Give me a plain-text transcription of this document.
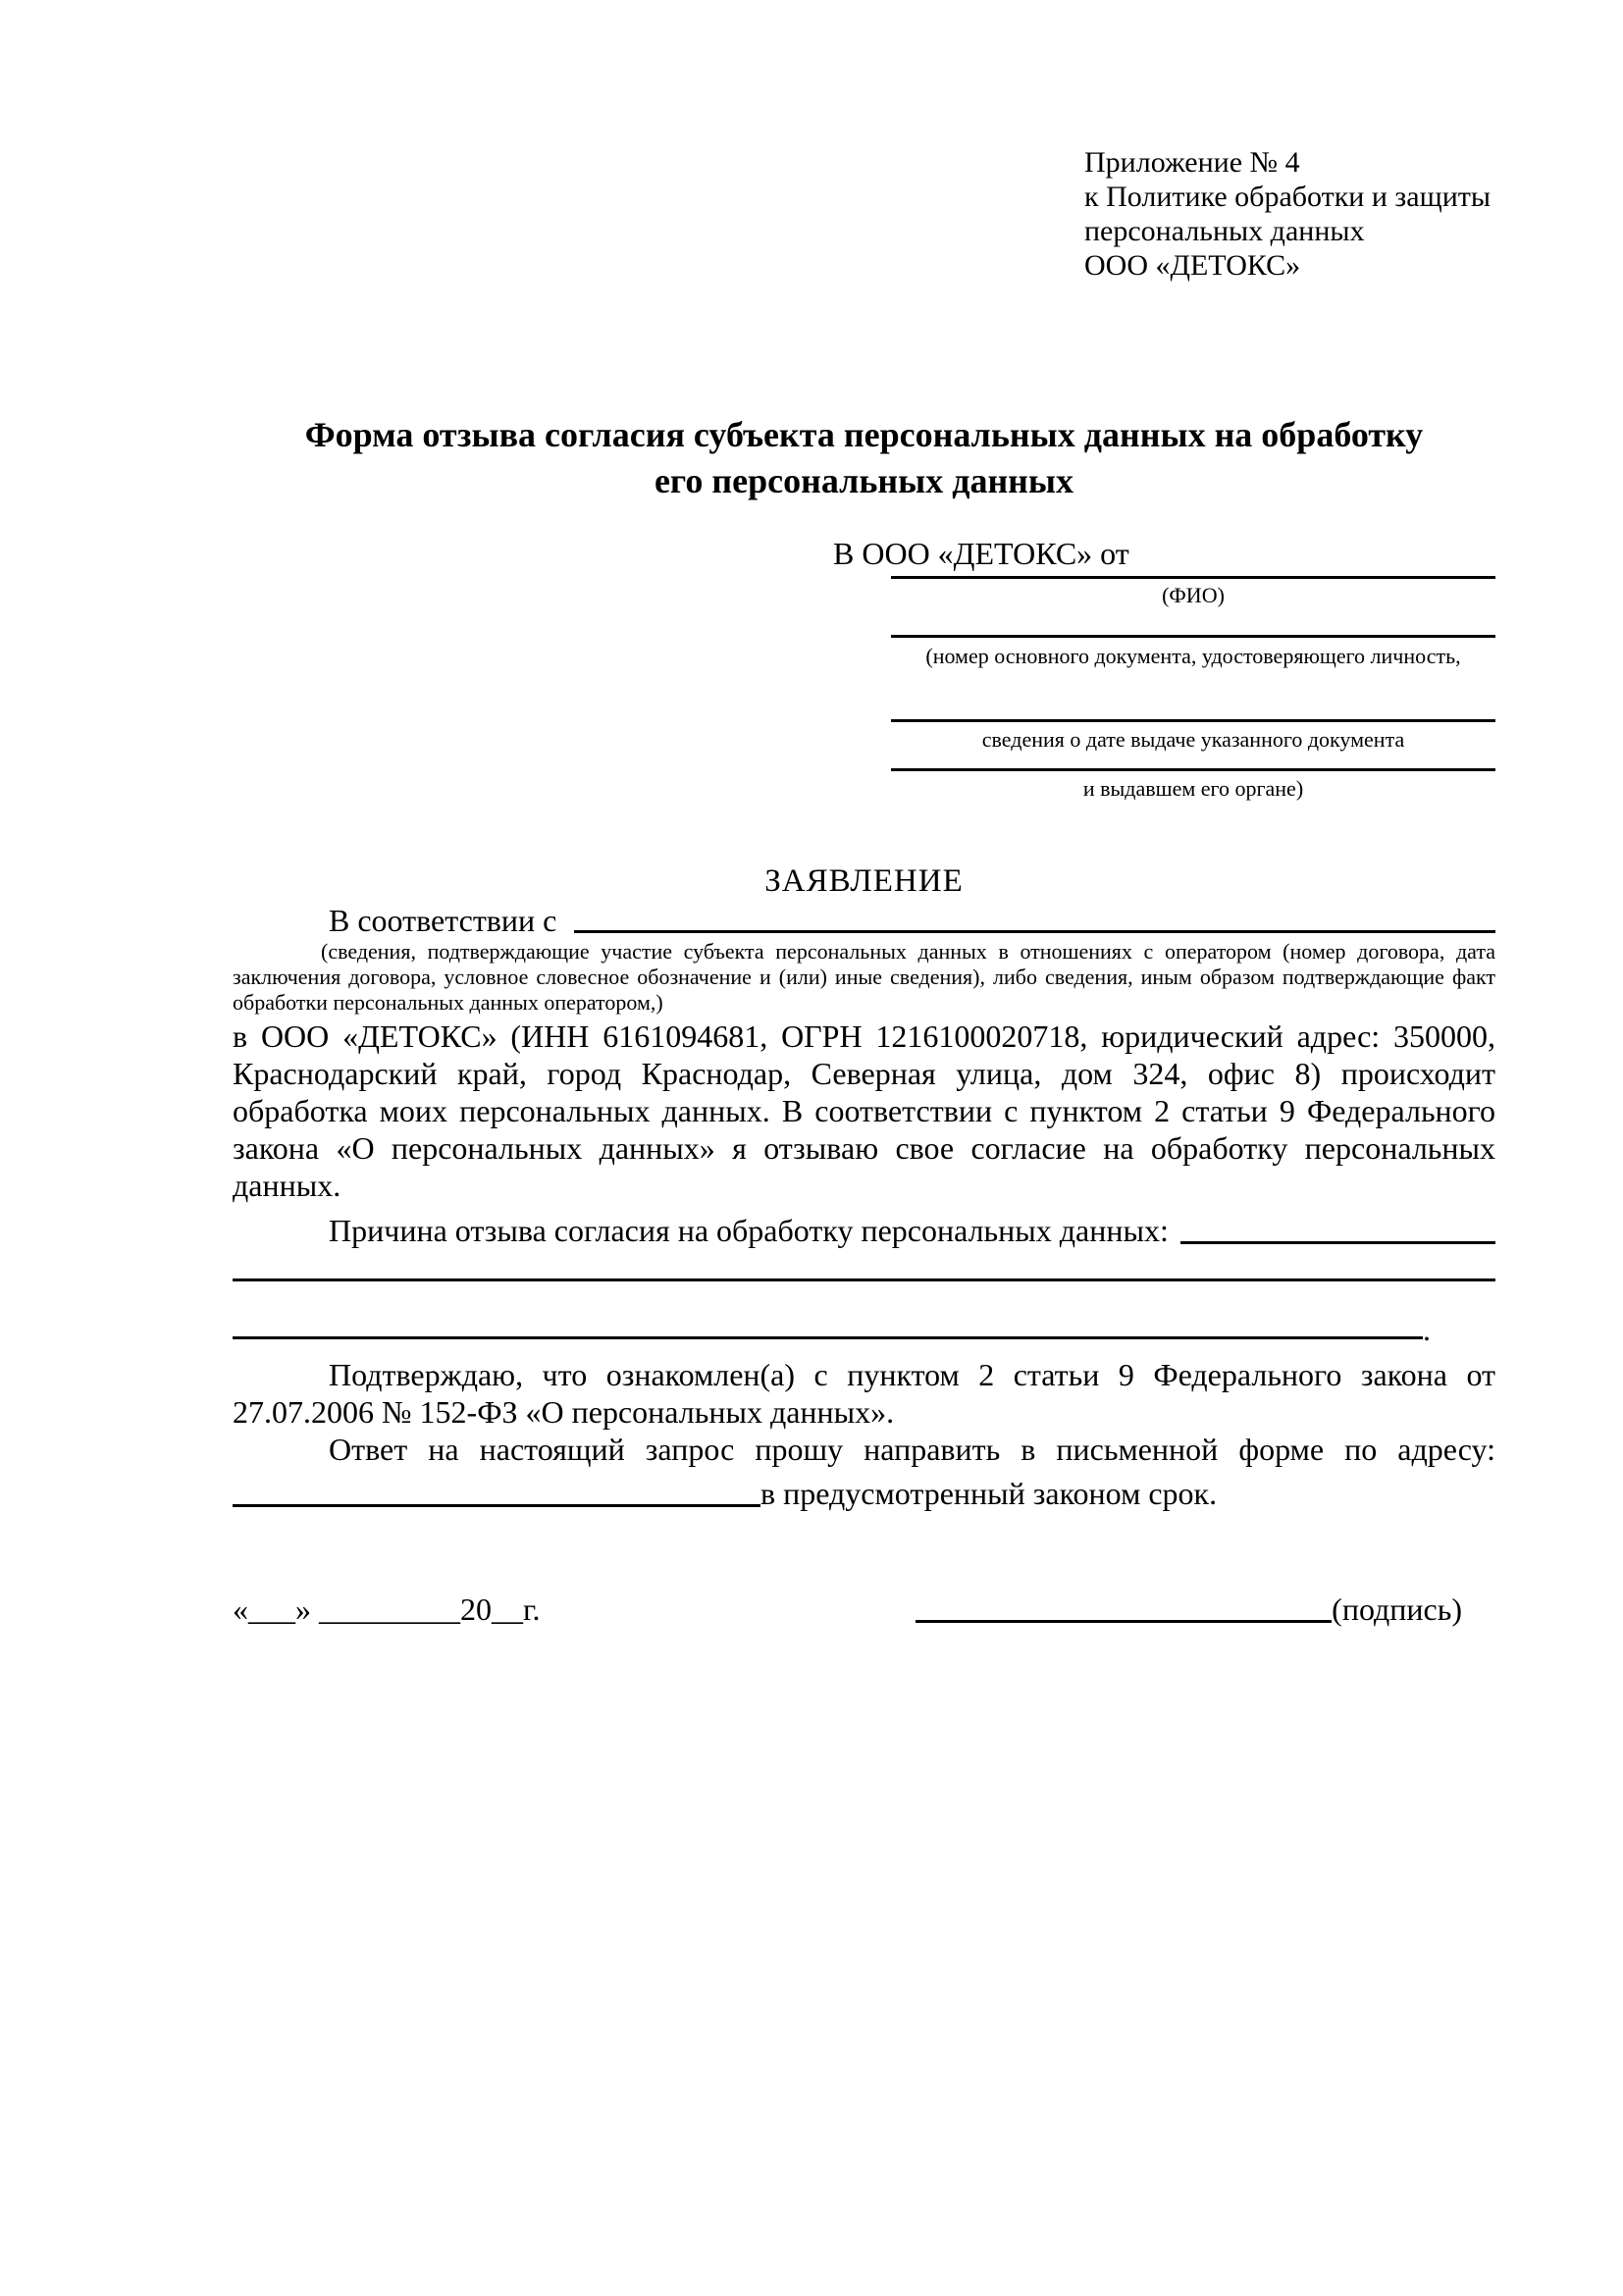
Приложение № 4
к Политике обработки и защиты
персональных данных
ООО «ДЕТОКС»
Форма отзыва согласия субъекта персональных данных на обработку
его персональных данных
В ООО «ДЕТОКС» от
(ФИО)
(номер основного документа, удостоверяющего личность,
сведения о дате выдаче указанного документа
и выдавшем его органе)
ЗАЯВЛЕНИЕ
В соответствии с
(сведения, подтверждающие участие субъекта персональных данных в отношениях с оператором (номер договора, дата заключения договора, условное словесное обозначение и (или) иные сведения), либо сведения, иным образом подтверждающие факт обработки персональных данных оператором,)
в ООО «ДЕТОКС» (ИНН 6161094681, ОГРН 1216100020718, юридический адрес: 350000, Краснодарский край, город Краснодар, Северная улица, дом 324, офис 8) происходит обработка моих персональных данных. В соответствии с пунктом 2 статьи 9 Федерального закона «О персональных данных» я отзываю свое согласие на обработку персональных данных.
Причина отзыва согласия на обработку персональных данных:
.

Подтверждаю, что ознакомлен(а) с пунктом 2 статьи 9 Федерального закона от 27.07.2006 № 152-ФЗ «О персональных данных».

Ответ на настоящий запрос прошу направить в письменной форме по адресу:

в предусмотренный законом срок.
«___» _________20__г.	(подпись)
